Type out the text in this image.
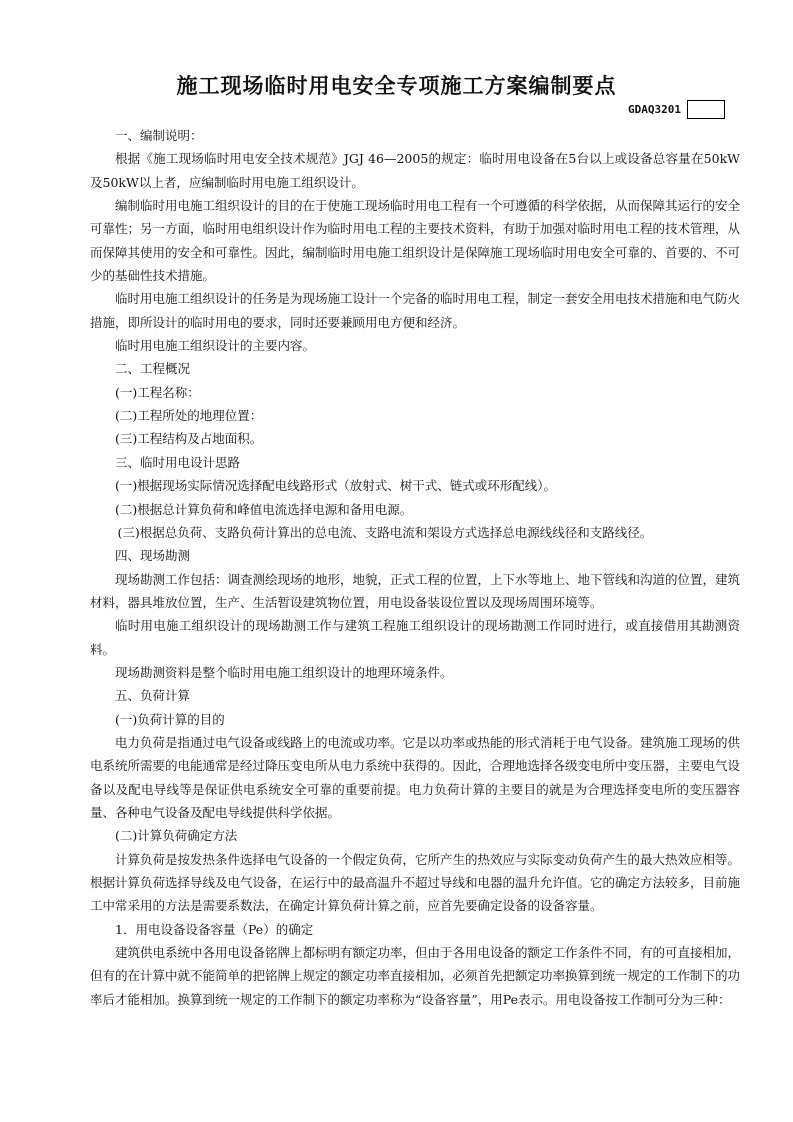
施工现场临时用电安全专项施工方案编制要点
GDAQ3201

一、编制说明：

根据《施工现场临时用电安全技术规范》JGJ 46—2005的规定：临时用电设备在5台以上或设备总容量在50kW及50kW以上者，应编制临时用电施工组织设计。

编制临时用电施工组织设计的目的在于使施工现场临时用电工程有一个可遵循的科学依据，从而保障其运行的安全可靠性；另一方面，临时用电组织设计作为临时用电工程的主要技术资料，有助于加强对临时用电工程的技术管理，从而保障其使用的安全和可靠性。因此，编制临时用电施工组织设计是保障施工现场临时用电安全可靠的、首要的、不可少的基础性技术措施。

临时用电施工组织设计的任务是为现场施工设计一个完备的临时用电工程，制定一套安全用电技术措施和电气防火措施，即所设计的临时用电的要求，同时还要兼顾用电方便和经济。

临时用电施工组织设计的主要内容。

二、工程概况

(一)工程名称：

(二)工程所处的地理位置：

(三)工程结构及占地面积。

三、临时用电设计思路

(一)根据现场实际情况选择配电线路形式（放射式、树干式、链式或环形配线）。

(二)根据总计算负荷和峰值电流选择电源和备用电源。

(三)根据总负荷、支路负荷计算出的总电流、支路电流和架设方式选择总电源线线径和支路线径。

四、现场勘测

现场勘测工作包括：调查测绘现场的地形，地貌，正式工程的位置，上下水等地上、地下管线和沟道的位置，建筑材料，器具堆放位置，生产、生活暂设建筑物位置，用电设备装设位置以及现场周围环境等。

临时用电施工组织设计的现场勘测工作与建筑工程施工组织设计的现场勘测工作同时进行，或直接借用其勘测资料。

现场勘测资料是整个临时用电施工组织设计的地理环境条件。

五、负荷计算

(一)负荷计算的目的

电力负荷是指通过电气设备或线路上的电流或功率。它是以功率或热能的形式消耗于电气设备。建筑施工现场的供电系统所需要的电能通常是经过降压变电所从电力系统中获得的。因此，合理地选择各级变电所中变压器，主要电气设备以及配电导线等是保证供电系统安全可靠的重要前提。电力负荷计算的主要目的就是为合理选择变电所的变压器容量、各种电气设备及配电导线提供科学依据。

(二)计算负荷确定方法

计算负荷是按发热条件选择电气设备的一个假定负荷，它所产生的热效应与实际变动负荷产生的最大热效应相等。根据计算负荷选择导线及电气设备，在运行中的最高温升不超过导线和电器的温升允许值。它的确定方法较多，目前施工中常采用的方法是需要系数法，在确定计算负荷计算之前，应首先要确定设备的设备容量。

1．用电设备设备容量（Pe）的确定

建筑供电系统中各用电设备铭牌上都标明有额定功率，但由于各用电设备的额定工作条件不同，有的可直接相加，但有的在计算中就不能简单的把铭牌上规定的额定功率直接相加，必须首先把额定功率换算到统一规定的工作制下的功率后才能相加。换算到统一规定的工作制下的额定功率称为“设备容量”，用Pe表示。用电设备按工作制可分为三种：
